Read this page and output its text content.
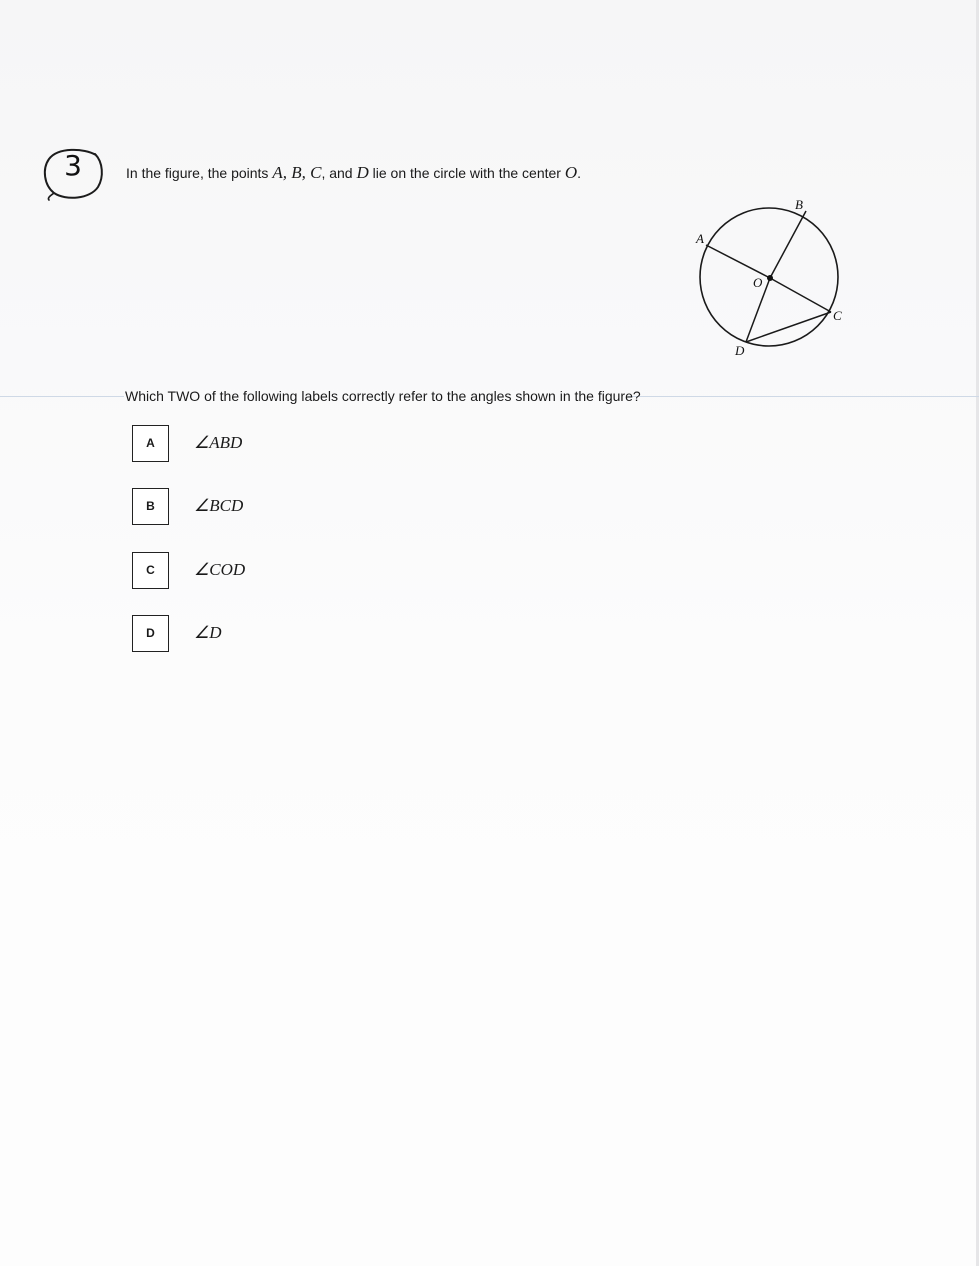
3	In the figure, the points A, B, C, and D lie on the circle with the center O.
A
B
C
D
O
Which TWO of the following labels correctly refer to the angles shown in the figure?
A	∠ABD
B	∠BCD
C	∠COD
D	∠D
